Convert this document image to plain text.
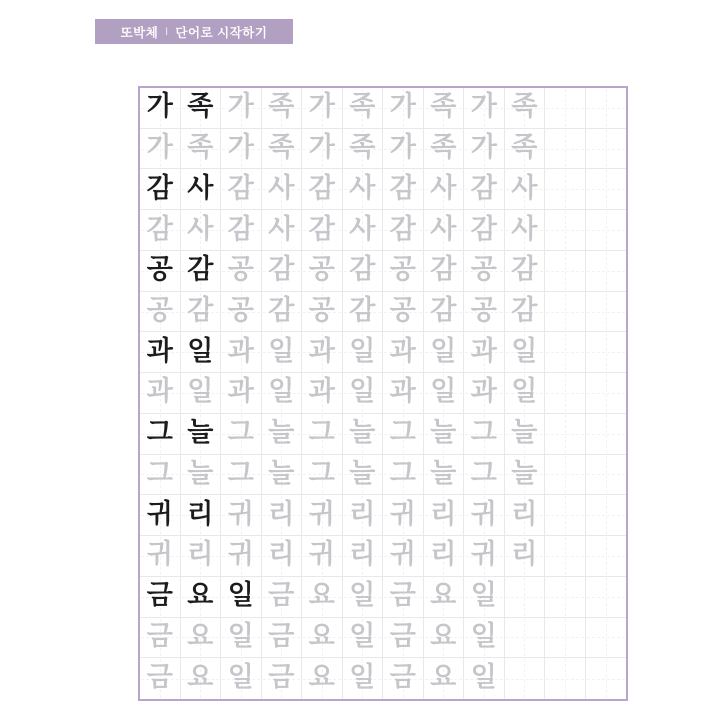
또박체 | 단어로 시작하기
가 족 가 족 가 족 가 족 가 족
가 족 가 족 가 족 가 족 가 족
감 사 감 사 감 사 감 사 감 사
감 사 감 사 감 사 감 사 감 사
공 감 공 감 공 감 공 감 공 감
공 감 공 감 공 감 공 감 공 감
과 일 과 일 과 일 과 일 과 일
과 일 과 일 과 일 과 일 과 일
그 늘 그 늘 그 늘 그 늘 그 늘
그 늘 그 늘 그 늘 그 늘 그 늘
귀 리 귀 리 귀 리 귀 리 귀 리
귀 리 귀 리 귀 리 귀 리 귀 리
금 요 일 금 요 일 금 요 일
금 요 일 금 요 일 금 요 일
금 요 일 금 요 일 금 요 일
